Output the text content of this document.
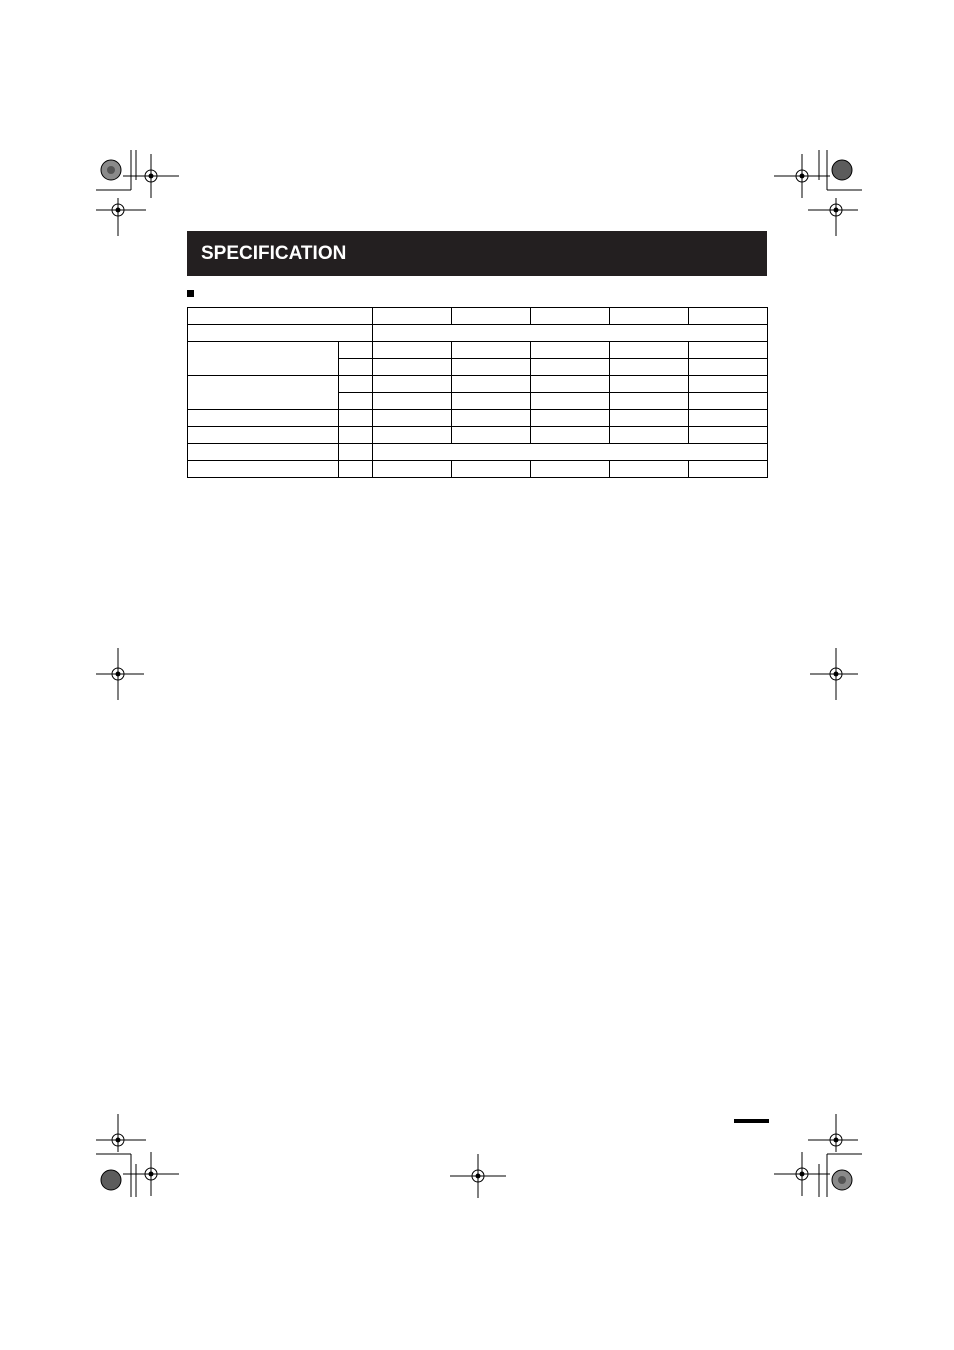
SPECIFICATION
